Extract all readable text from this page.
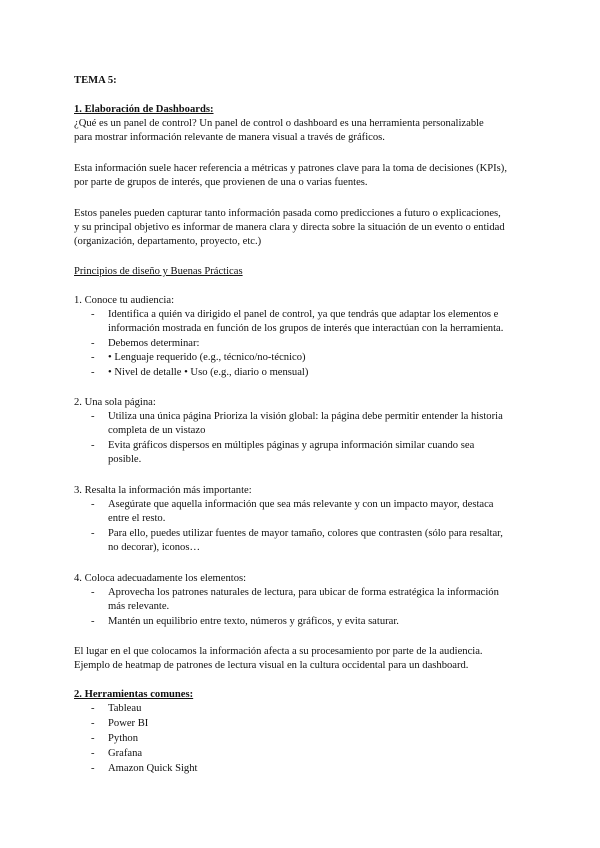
TEMA 5:
1. Elaboración de Dashboards:
¿Qué es un panel de control? Un panel de control o dashboard es una herramienta personalizable
para mostrar información relevante de manera visual a través de gráficos.
Esta información suele hacer referencia a métricas y patrones clave para la toma de decisiones (KPIs),
por parte de grupos de interés, que provienen de una o varias fuentes.
Estos paneles pueden capturar tanto información pasada como predicciones a futuro o explicaciones,
y su principal objetivo es informar de manera clara y directa sobre la situación de un evento o entidad
(organización, departamento, proyecto, etc.)
Principios de diseño y Buenas Prácticas
1. Conoce tu audiencia:
- Identifica a quién va dirigido el panel de control, ya que tendrás que adaptar los elementos e
información mostrada en función de los grupos de interés que interactúan con la herramienta.
- Debemos determinar:
- • Lenguaje requerido (e.g., técnico/no-técnico)
- • Nivel de detalle • Uso (e.g., diario o mensual)
2. Una sola página:
- Utiliza una única página Prioriza la visión global: la página debe permitir entender la historia
completa de un vistazo
- Evita gráficos dispersos en múltiples páginas y agrupa información similar cuando sea
posible.
3. Resalta la información más importante:
- Asegúrate que aquella información que sea más relevante y con un impacto mayor, destaca
entre el resto.
- Para ello, puedes utilizar fuentes de mayor tamaño, colores que contrasten (sólo para resaltar,
no decorar), iconos…
4. Coloca adecuadamente los elementos:
- Aprovecha los patrones naturales de lectura, para ubicar de forma estratégica la información
más relevante.
- Mantén un equilibrio entre texto, números y gráficos, y evita saturar.
El lugar en el que colocamos la información afecta a su procesamiento por parte de la audiencia.
Ejemplo de heatmap de patrones de lectura visual en la cultura occidental para un dashboard.
2. Herramientas comunes:
- Tableau
- Power BI
- Python
- Grafana
- Amazon Quick Sight
